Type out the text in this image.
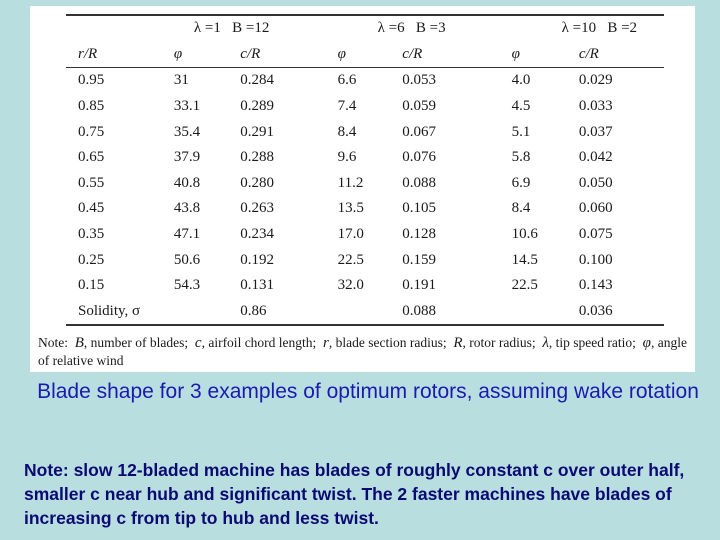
	λ =1 B =12		λ =6 B =3		λ =10 B =2	
r/R	φ	c/R	φ	c/R	φ	c/R
0.95	31	0.284	6.6	0.053	4.0	0.029
0.85	33.1	0.289	7.4	0.059	4.5	0.033
0.75	35.4	0.291	8.4	0.067	5.1	0.037
0.65	37.9	0.288	9.6	0.076	5.8	0.042
0.55	40.8	0.280	11.2	0.088	6.9	0.050
0.45	43.8	0.263	13.5	0.105	8.4	0.060
0.35	47.1	0.234	17.0	0.128	10.6	0.075
0.25	50.6	0.192	22.5	0.159	14.5	0.100
0.15	54.3	0.131	32.0	0.191	22.5	0.143
Solidity, σ		0.86		0.088		0.036
Note: B, number of blades; c, airfoil chord length; r, blade section radius; R, rotor radius; λ, tip speed ratio; φ, angle of relative wind
Blade shape for 3 examples of optimum rotors, assuming wake rotation
Note: slow 12-bladed machine has blades of roughly constant c over outer half, smaller c near hub and significant twist. The 2 faster machines have blades of increasing c from tip to hub and less twist.
